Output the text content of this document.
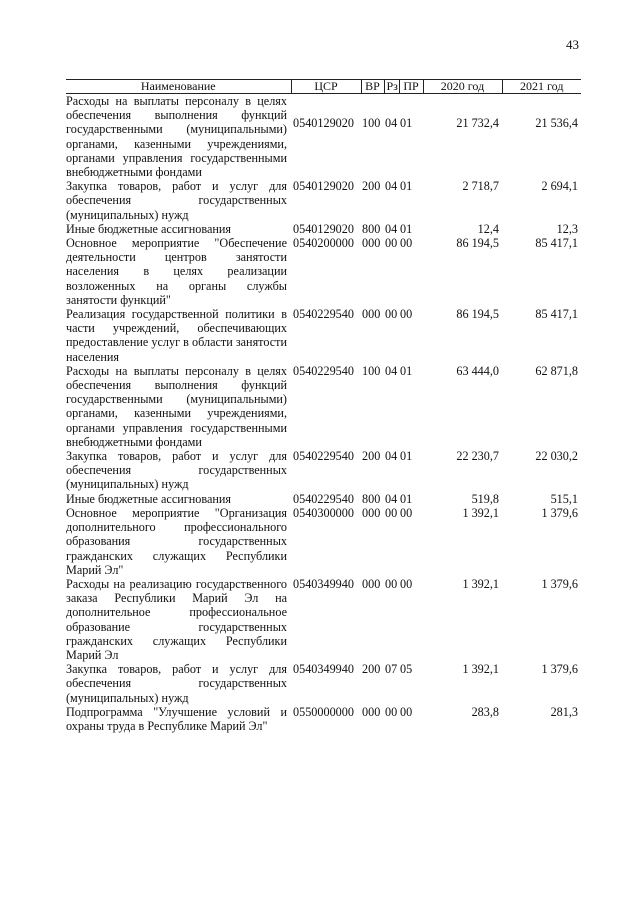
43
Наименование	ЦСР	ВР	Рз	ПР	2020 год	2021 год
Расходы на выплаты персоналу в целях обеспечения выполнения функций государственными (муниципальными) органами, казенными учреждениями, органами управления государственными внебюджетными фондами	0540129020	100	04	01	21 732,4	21 536,4
Закупка товаров, работ и услуг для обеспечения государственных (муниципальных) нужд	0540129020	200	04	01	2 718,7	2 694,1
Иные бюджетные ассигнования	0540129020	800	04	01	12,4	12,3
Основное мероприятие "Обеспечение деятельности центров занятости населения в целях реализации возложенных на органы службы занятости функций"	0540200000	000	00	00	86 194,5	85 417,1
Реализация государственной политики в части учреждений, обеспечивающих предоставление услуг в области занятости населения	0540229540	000	00	00	86 194,5	85 417,1
Расходы на выплаты персоналу в целях обеспечения выполнения функций государственными (муниципальными) органами, казенными учреждениями, органами управления государственными внебюджетными фондами	0540229540	100	04	01	63 444,0	62 871,8
Закупка товаров, работ и услуг для обеспечения государственных (муниципальных) нужд	0540229540	200	04	01	22 230,7	22 030,2
Иные бюджетные ассигнования	0540229540	800	04	01	519,8	515,1
Основное мероприятие "Организация дополнительного профессионального образования государственных гражданских служащих Республики Марий Эл"	0540300000	000	00	00	1 392,1	1 379,6
Расходы на реализацию государственного заказа Республики Марий Эл на дополнительное профессиональное образование государственных гражданских служащих Республики Марий Эл	0540349940	000	00	00	1 392,1	1 379,6
Закупка товаров, работ и услуг для обеспечения государственных (муниципальных) нужд	0540349940	200	07	05	1 392,1	1 379,6
Подпрограмма "Улучшение условий и охраны труда в Республике Марий Эл"	0550000000	000	00	00	283,8	281,3
